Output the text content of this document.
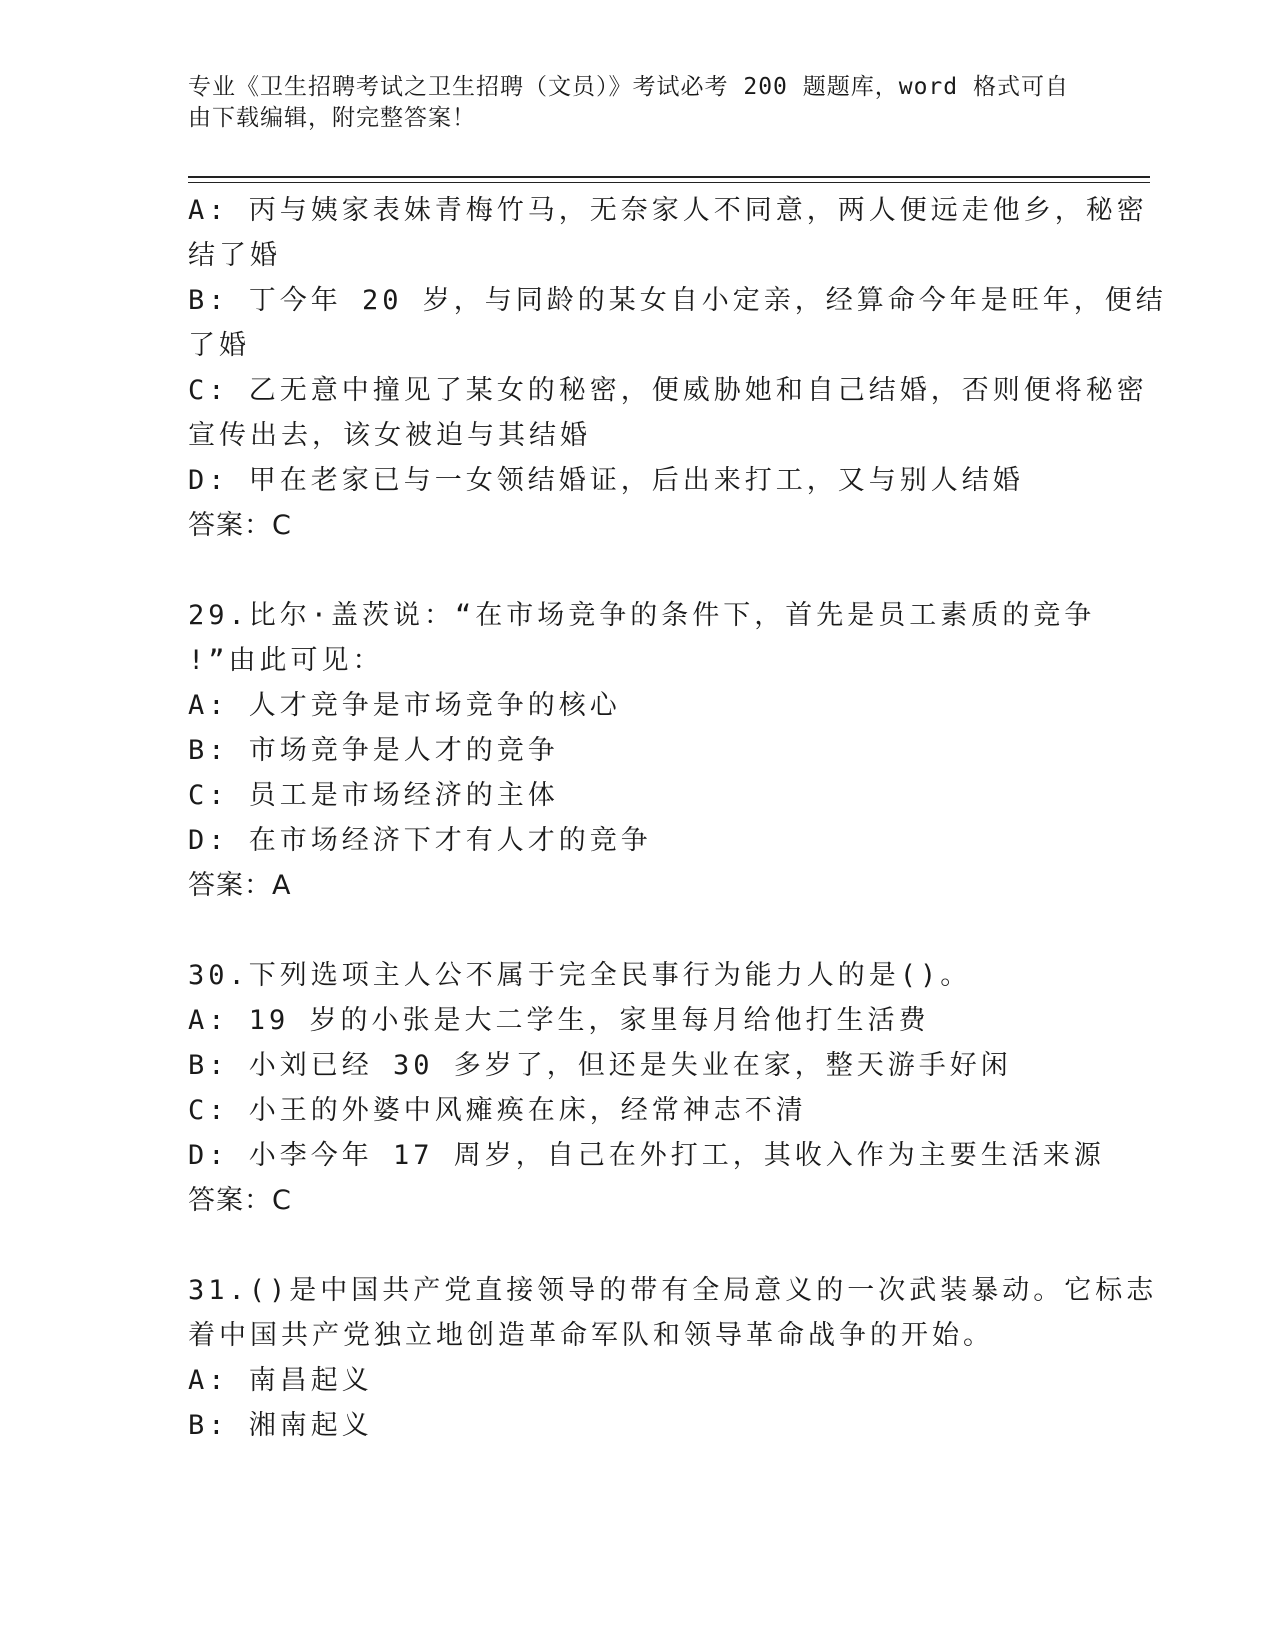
专业《卫生招聘考试之卫生招聘（文员）》考试必考 200 题题库，word 格式可自
由下载编辑，附完整答案！
A: 丙与姨家表妹青梅竹马，无奈家人不同意，两人便远走他乡，秘密
结了婚
B: 丁今年 20 岁，与同龄的某女自小定亲，经算命今年是旺年，便结
了婚
C: 乙无意中撞见了某女的秘密，便威胁她和自己结婚，否则便将秘密
宣传出去，该女被迫与其结婚
D: 甲在老家已与一女领结婚证，后出来打工，又与别人结婚
答案：C
29.比尔·盖茨说：“在市场竞争的条件下，首先是员工素质的竞争
!”由此可见：
A: 人才竞争是市场竞争的核心
B: 市场竞争是人才的竞争
C: 员工是市场经济的主体
D: 在市场经济下才有人才的竞争
答案：A
30.下列选项主人公不属于完全民事行为能力人的是()。
A: 19 岁的小张是大二学生，家里每月给他打生活费
B: 小刘已经 30 多岁了，但还是失业在家，整天游手好闲
C: 小王的外婆中风瘫痪在床，经常神志不清
D: 小李今年 17 周岁，自己在外打工，其收入作为主要生活来源
答案：C
31.()是中国共产党直接领导的带有全局意义的一次武装暴动。它标志
着中国共产党独立地创造革命军队和领导革命战争的开始。
A: 南昌起义
B: 湘南起义
